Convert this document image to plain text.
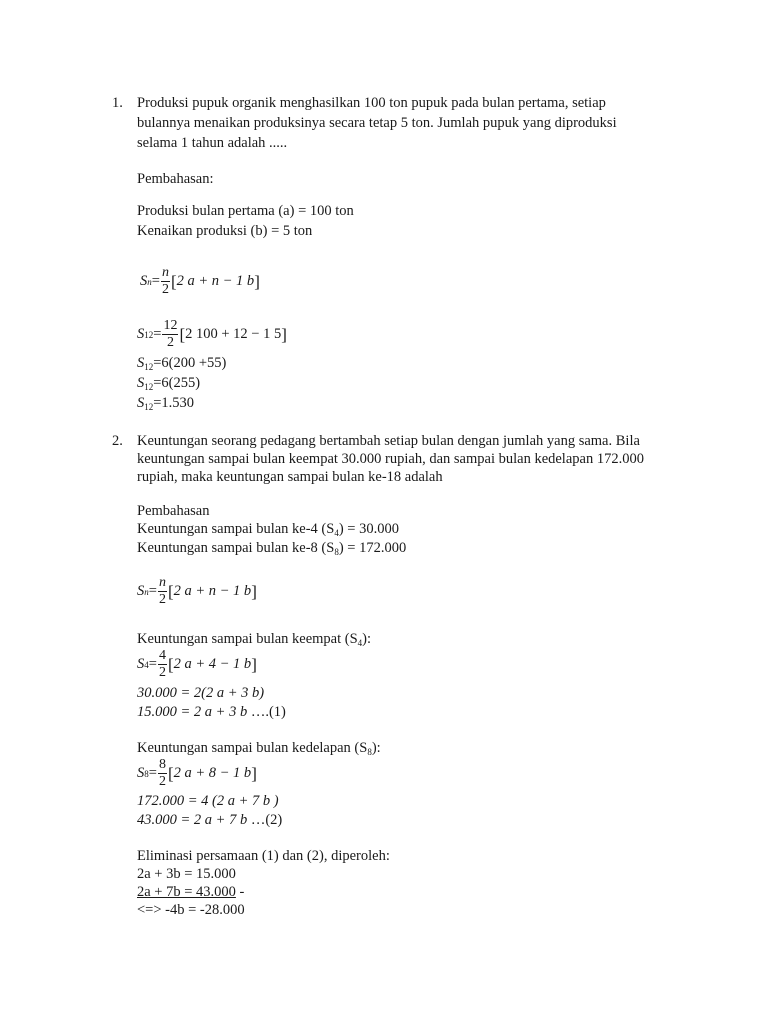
1. Produksi pupuk organik menghasilkan 100 ton pupuk pada bulan pertama, setiap
bulannya menaikan produksinya secara tetap 5 ton. Jumlah pupuk yang diproduksi
selama 1 tahun adalah .....
Pembahasan:
Produksi bulan pertama (a) = 100 ton
Kenaikan produksi (b) = 5 ton
S $n = \frac{n}{2}$ [ 2 a + n − 1 b ]
S $12 = \frac{12}{2}$ [ 2 100 + 12 − 1 5 ]
$S_{12}=6(200 +55)$
$S_{12}=6(255)$
$S_{12}=1.530$
2. Keuntungan seorang pedagang bertambah setiap bulan dengan jumlah yang sama. Bila
keuntungan sampai bulan keempat 30.000 rupiah, dan sampai bulan kedelapan 172.000
rupiah, maka keuntungan sampai bulan ke-18 adalah
Pembahasan
Keuntungan sampai bulan ke-4 $(S_4) = 30.000$
Keuntungan sampai bulan ke-8 $(S_8) = 172.000$
S $n = \frac{n}{2}$ [ 2 a + n − 1 b ]
Keuntungan sampai bulan keempat $(S_4)$:
S $4 = \frac{4}{2}$ [ 2 a + 4 − 1 b ]
30.000 = 2(2 a + 3 b)
15.000 = 2 a + 3 b ….(1)
Keuntungan sampai bulan kedelapan $(S_8)$:
S $8 = \frac{8}{2}$ [ 2 a + 8 − 1 b ]
172.000 = 4 (2 a + 7 b )
43.000 = 2 a + 7 b …(2)
Eliminasi persamaan (1) dan (2), diperoleh:
2a + 3b = 15.000
2a + 7b = 43.000 -
<=> -4b = -28.000
